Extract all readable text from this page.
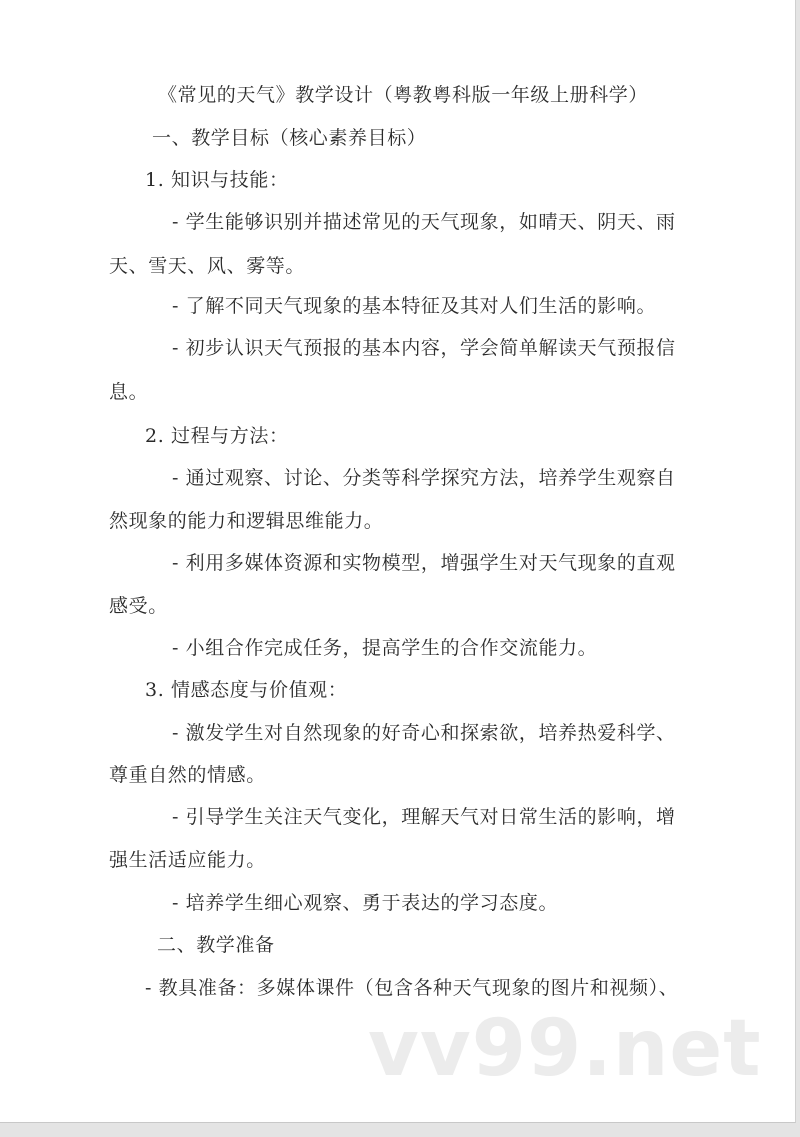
《常见的天气》教学设计（粤教粤科版一年级上册科学）
一、教学目标（核心素养目标）
1. 知识与技能：
- 学生能够识别并描述常见的天气现象，如晴天、阴天、雨
天、雪天、风、雾等。
- 了解不同天气现象的基本特征及其对人们生活的影响。
- 初步认识天气预报的基本内容，学会简单解读天气预报信
息。
2. 过程与方法：
- 通过观察、讨论、分类等科学探究方法，培养学生观察自
然现象的能力和逻辑思维能力。
- 利用多媒体资源和实物模型，增强学生对天气现象的直观
感受。
- 小组合作完成任务，提高学生的合作交流能力。
3. 情感态度与价值观：
- 激发学生对自然现象的好奇心和探索欲，培养热爱科学、
尊重自然的情感。
- 引导学生关注天气变化，理解天气对日常生活的影响，增
强生活适应能力。
- 培养学生细心观察、勇于表达的学习态度。
二、教学准备
- 教具准备：多媒体课件（包含各种天气现象的图片和视频）、
vv99.net
